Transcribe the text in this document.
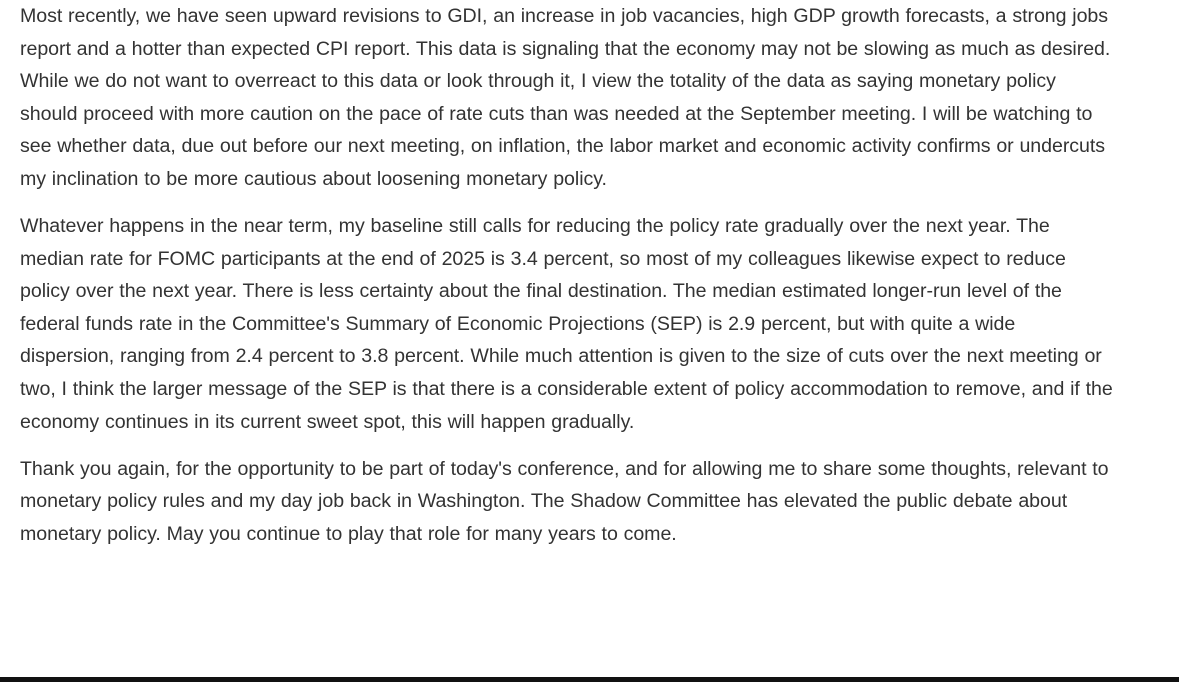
Most recently, we have seen upward revisions to GDI, an increase in job vacancies, high GDP growth forecasts, a strong jobs report and a hotter than expected CPI report. This data is signaling that the economy may not be slowing as much as desired. While we do not want to overreact to this data or look through it, I view the totality of the data as saying monetary policy should proceed with more caution on the pace of rate cuts than was needed at the September meeting. I will be watching to see whether data, due out before our next meeting, on inflation, the labor market and economic activity confirms or undercuts my inclination to be more cautious about loosening monetary policy.

Whatever happens in the near term, my baseline still calls for reducing the policy rate gradually over the next year. The median rate for FOMC participants at the end of 2025 is 3.4 percent, so most of my colleagues likewise expect to reduce policy over the next year. There is less certainty about the final destination. The median estimated longer-run level of the federal funds rate in the Committee's Summary of Economic Projections (SEP) is 2.9 percent, but with quite a wide dispersion, ranging from 2.4 percent to 3.8 percent. While much attention is given to the size of cuts over the next meeting or two, I think the larger message of the SEP is that there is a considerable extent of policy accommodation to remove, and if the economy continues in its current sweet spot, this will happen gradually.

Thank you again, for the opportunity to be part of today's conference, and for allowing me to share some thoughts, relevant to monetary policy rules and my day job back in Washington. The Shadow Committee has elevated the public debate about monetary policy. May you continue to play that role for many years to come.
